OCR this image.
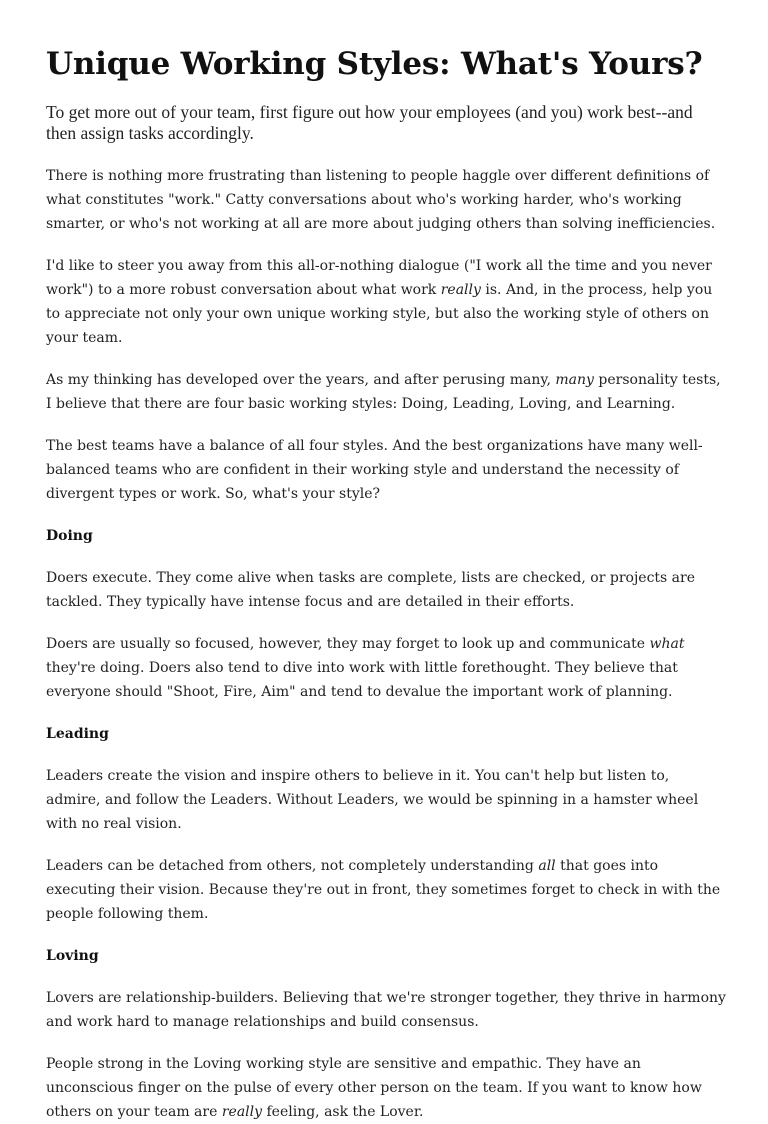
Unique Working Styles: What's Yours?

To get more out of your team, first figure out how your employees (and you) work best--and then assign tasks accordingly.

There is nothing more frustrating than listening to people haggle over different definitions of what constitutes "work." Catty conversations about who's working harder, who's working smarter, or who's not working at all are more about judging others than solving inefficiencies.

I'd like to steer you away from this all-or-nothing dialogue ("I work all the time and you never work") to a more robust conversation about what work really is. And, in the process, help you to appreciate not only your own unique working style, but also the working style of others on your team.

As my thinking has developed over the years, and after perusing many, many personality tests, I believe that there are four basic working styles: Doing, Leading, Loving, and Learning.

The best teams have a balance of all four styles. And the best organizations have many well-balanced teams who are confident in their working style and understand the necessity of divergent types or work. So, what's your style?

Doing

Doers execute. They come alive when tasks are complete, lists are checked, or projects are tackled. They typically have intense focus and are detailed in their efforts.

Doers are usually so focused, however, they may forget to look up and communicate what they're doing. Doers also tend to dive into work with little forethought. They believe that everyone should "Shoot, Fire, Aim" and tend to devalue the important work of planning.

Leading

Leaders create the vision and inspire others to believe in it. You can't help but listen to, admire, and follow the Leaders. Without Leaders, we would be spinning in a hamster wheel with no real vision.

Leaders can be detached from others, not completely understanding all that goes into executing their vision. Because they're out in front, they sometimes forget to check in with the people following them.

Loving

Lovers are relationship-builders. Believing that we're stronger together, they thrive in harmony and work hard to manage relationships and build consensus.

People strong in the Loving working style are sensitive and empathic. They have an unconscious finger on the pulse of every other person on the team. If you want to know how others on your team are really feeling, ask the Lover.
